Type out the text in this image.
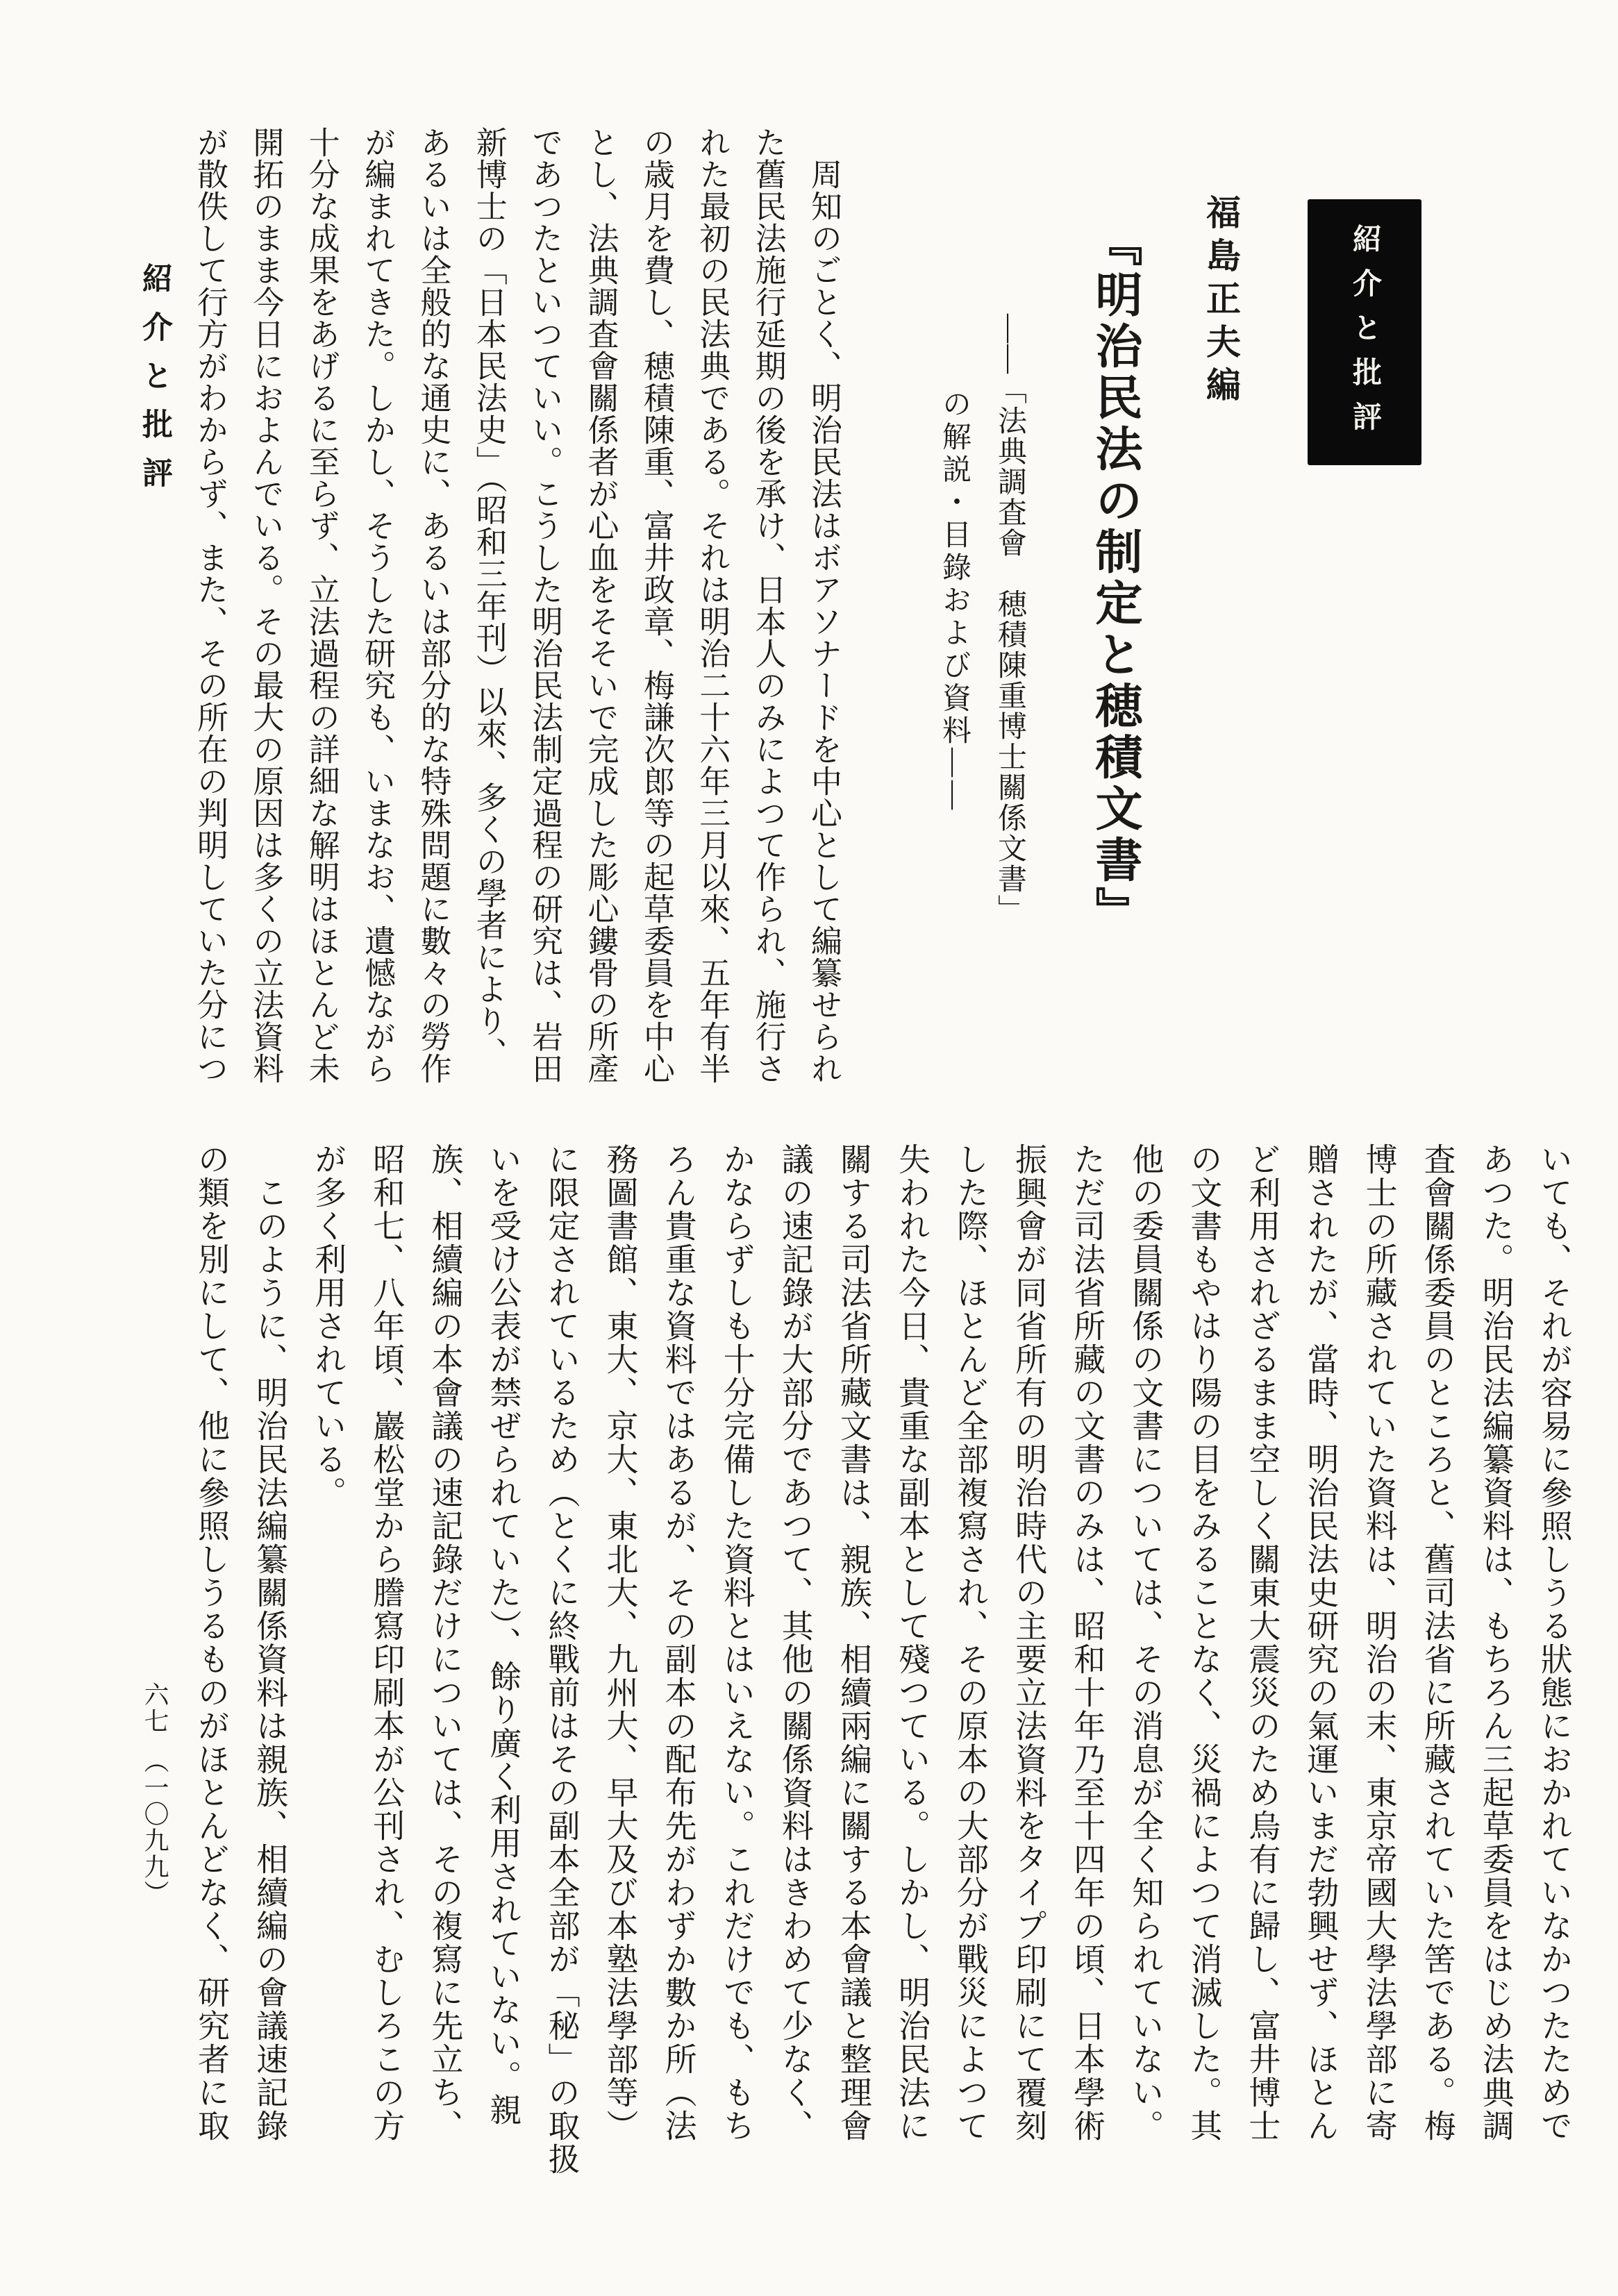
紹介と批評	紹介と批評
福島正夫編
『明治民法の制定と穂積文書』
――「法典調査會　穂積陳重博士關係文書」
の解説・目錄および資料――
　周知のごとく、明治民法はボアソナードを中心として編纂せられ
た舊民法施行延期の後を承け、日本人のみによつて作られ、施行さ
れた最初の民法典である。それは明治二十六年三月以來、五年有半
の歳月を費し、穂積陳重、富井政章、梅謙次郎等の起草委員を中心
とし、法典調査會關係者が心血をそそいで完成した彫心鏤骨の所產
であつたといつていい。こうした明治民法制定過程の研究は、岩田
新博士の「日本民法史」（昭和三年刊）以來、多くの學者により、
あるいは全般的な通史に、あるいは部分的な特殊問題に數々の勞作
が編まれてきた。しかし、そうした研究も、いまなお、遺憾ながら
十分な成果をあげるに至らず、立法過程の詳細な解明はほとんど未
開拓のまま今日におよんでいる。その最大の原因は多くの立法資料
が散佚して行方がわからず、また、その所在の判明していた分につ
いても、それが容易に參照しうる狀態におかれていなかつたためで
あつた。明治民法編纂資料は、もちろん三起草委員をはじめ法典調
査會關係委員のところと、舊司法省に所藏されていた筈である。梅
博士の所藏されていた資料は、明治の末、東京帝國大學法學部に寄
贈されたが、當時、明治民法史研究の氣運いまだ勃興せず、ほとん
ど利用されざるまま空しく關東大震災のため烏有に歸し、富井博士
の文書もやはり陽の目をみることなく、災禍によつて消滅した。其
他の委員關係の文書については、その消息が全く知られていない。
ただ司法省所藏の文書のみは、昭和十年乃至十四年の頃、日本學術
振興會が同省所有の明治時代の主要立法資料をタイプ印刷にて覆刻
した際、ほとんど全部複寫され、その原本の大部分が戰災によつて
失われた今日、貴重な副本として殘つている。しかし、明治民法に
關する司法省所藏文書は、親族、相續兩編に關する本會議と整理會
議の速記錄が大部分であつて、其他の關係資料はきわめて少なく、
かならずしも十分完備した資料とはいえない。これだけでも、もち
ろん貴重な資料ではあるが、その副本の配布先がわずか數か所（法
務圖書館、東大、京大、東北大、九州大、早大及び本塾法學部等）
に限定されているため（とくに終戰前はその副本全部が「秘」の取扱
いを受け公表が禁ぜられていた）、餘り廣く利用されていない。親
族、相續編の本會議の速記錄だけについては、その複寫に先立ち、
昭和七、八年頃、巖松堂から謄寫印刷本が公刊され、むしろこの方
が多く利用されている。
　このように、明治民法編纂關係資料は親族、相續編の會議速記錄
の類を別にして、他に參照しうるものがほとんどなく、研究者に取
六七　（一〇九九）
